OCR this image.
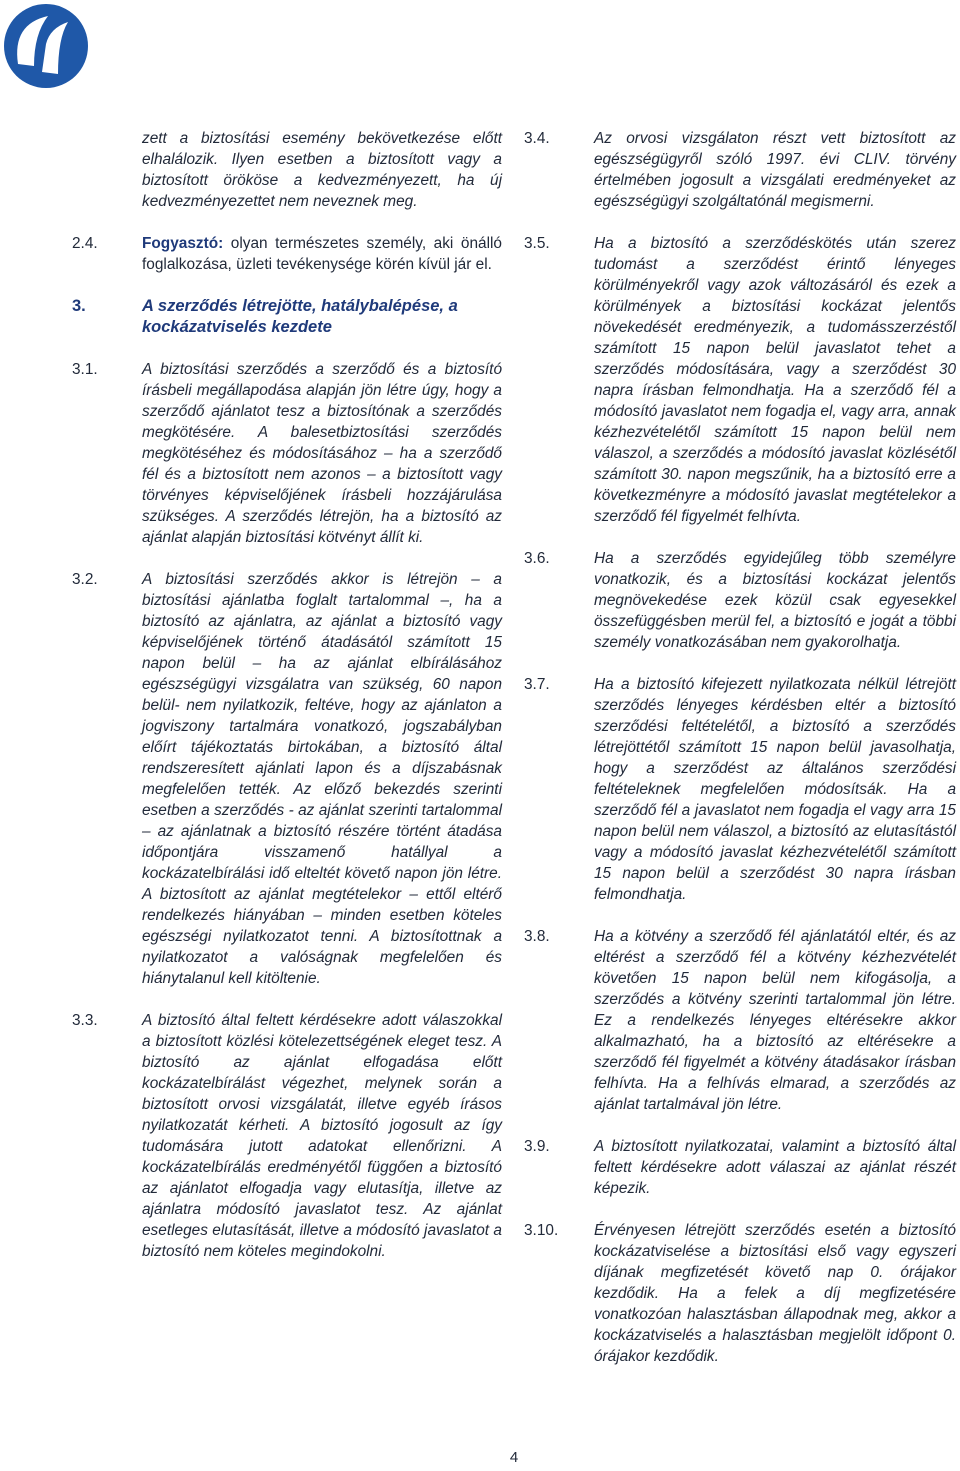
zett a biztosítási esemény bekövetkezése előtt elhalálozik. Ilyen esetben a biztosított vagy a biztosított örököse a kedvezményezett, ha új kedvezményezettet nem neveznek meg.
2.4.	Fogyasztó: olyan természetes személy, aki önálló foglalkozása, üzleti tevékenysége körén kívül jár el.
3.	A szerződés létrejötte, hatálybalépése, a kockázatviselés kezdete
3.1.	A biztosítási szerződés a szerződő és a biztosító írásbeli megállapodása alapján jön létre úgy, hogy a szerződő ajánlatot tesz a biztosítónak a szerződés megkötésére. A balesetbiztosítási szerződés megkötéséhez és módosításához – ha a szerződő fél és a biztosított nem azonos – a biztosított vagy törvényes képviselőjének írásbeli hozzájárulása szükséges. A szerződés létrejön, ha a biztosító az ajánlat alapján biztosítási kötvényt állít ki.
3.2.	A biztosítási szerződés akkor is létrejön – a biztosítási ajánlatba foglalt tartalommal –, ha a biztosító az ajánlatra, az ajánlat a biztosító vagy képviselőjének történő átadásától számított 15 napon belül – ha az ajánlat elbírálásához egészségügyi vizsgálatra van szükség, 60 napon belül- nem nyilatkozik, feltéve, hogy az ajánlaton a jogviszony tartalmára vonatkozó, jogszabályban előírt tájékoztatás birtokában, a biztosító által rendszeresített ajánlati lapon és a díjszabásnak megfelelően tették. Az előző bekezdés szerinti esetben a szerződés - az ajánlat szerinti tartalommal – az ajánlatnak a biztosító részére történt átadása időpontjára visszamenő hatállyal a kockázatelbírálási idő elteltét követő napon jön létre. A biztosított az ajánlat megtételekor – ettől eltérő rendelkezés hiányában – minden esetben köteles egészségi nyilatkozatot tenni. A biztosítottnak a nyilatkozatot a valóságnak megfelelően és hiánytalanul kell kitöltenie.
3.3.	A biztosító által feltett kérdésekre adott válaszokkal a biztosított közlési kötelezettségének eleget tesz. A biztosító az ajánlat elfogadása előtt kockázatelbírálást végezhet, melynek során a biztosított orvosi vizsgálatát, illetve egyéb írásos nyilatkozatát kérheti. A biztosító jogosult az így tudomására jutott adatokat ellenőrizni. A kockázatelbírálás eredményétől függően a biztosító az ajánlatot elfogadja vagy elutasítja, illetve az ajánlatra módosító javaslatot tesz. Az ajánlat esetleges elutasítását, illetve a módosító javaslatot a biztosító nem köteles megindokolni.
3.4.	Az orvosi vizsgálaton részt vett biztosított az egészségügyről szóló 1997. évi CLIV. törvény értelmében jogosult a vizsgálati eredményeket az egészségügyi szolgáltatónál megismerni.
3.5.	Ha a biztosító a szerződéskötés után szerez tudomást a szerződést érintő lényeges körülményekről vagy azok változásáról és ezek a körülmények a biztosítási kockázat jelentős növekedését eredményezik, a tudomásszerzéstől számított 15 napon belül javaslatot tehet a szerződés módosítására, vagy a szerződést 30 napra írásban felmondhatja. Ha a szerződő fél a módosító javaslatot nem fogadja el, vagy arra, annak kézhezvételétől számított 15 napon belül nem válaszol, a szerződés a módosító javaslat közlésétől számított 30. napon megszűnik, ha a biztosító erre a következményre a módosító javaslat megtételekor a szerződő fél figyelmét felhívta.
3.6.	Ha a szerződés egyidejűleg több személyre vonatkozik, és a biztosítási kockázat jelentős megnövekedése ezek közül csak egyesekkel összefüggésben merül fel, a biztosító e jogát a többi személy vonatkozásában nem gyakorolhatja.
3.7.	Ha a biztosító kifejezett nyilatkozata nélkül létrejött szerződés lényeges kérdésben eltér a biztosító szerződési feltételétől, a biztosító a szerződés létrejöttétől számított 15 napon belül javasolhatja, hogy a szerződést az általános szerződési feltételeknek megfelelően módosítsák. Ha a szerződő fél a javaslatot nem fogadja el vagy arra 15 napon belül nem válaszol, a biztosító az elutasítástól vagy a módosító javaslat kézhezvételétől számított 15 napon belül a szerződést 30 napra írásban felmondhatja.
3.8.	Ha a kötvény a szerződő fél ajánlatától eltér, és az eltérést a szerződő fél a kötvény kézhezvételét követően 15 napon belül nem kifogásolja, a szerződés a kötvény szerinti tartalommal jön létre. Ez a rendelkezés lényeges eltérésekre akkor alkalmazható, ha a biztosító az eltérésekre a szerződő fél figyelmét a kötvény átadásakor írásban felhívta. Ha a felhívás elmarad, a szerződés az ajánlat tartalmával jön létre.
3.9.	A biztosított nyilatkozatai, valamint a biztosító által feltett kérdésekre adott válaszai az ajánlat részét képezik.
3.10.	Érvényesen létrejött szerződés esetén a biztosító kockázatviselése a biztosítási első vagy egyszeri díjának megfizetését követő nap 0. órájakor kezdődik. Ha a felek a díj megfizetésére vonatkozóan halasztásban állapodnak meg, akkor a kockázatviselés a halasztásban megjelölt időpont 0. órájakor kezdődik.
4
